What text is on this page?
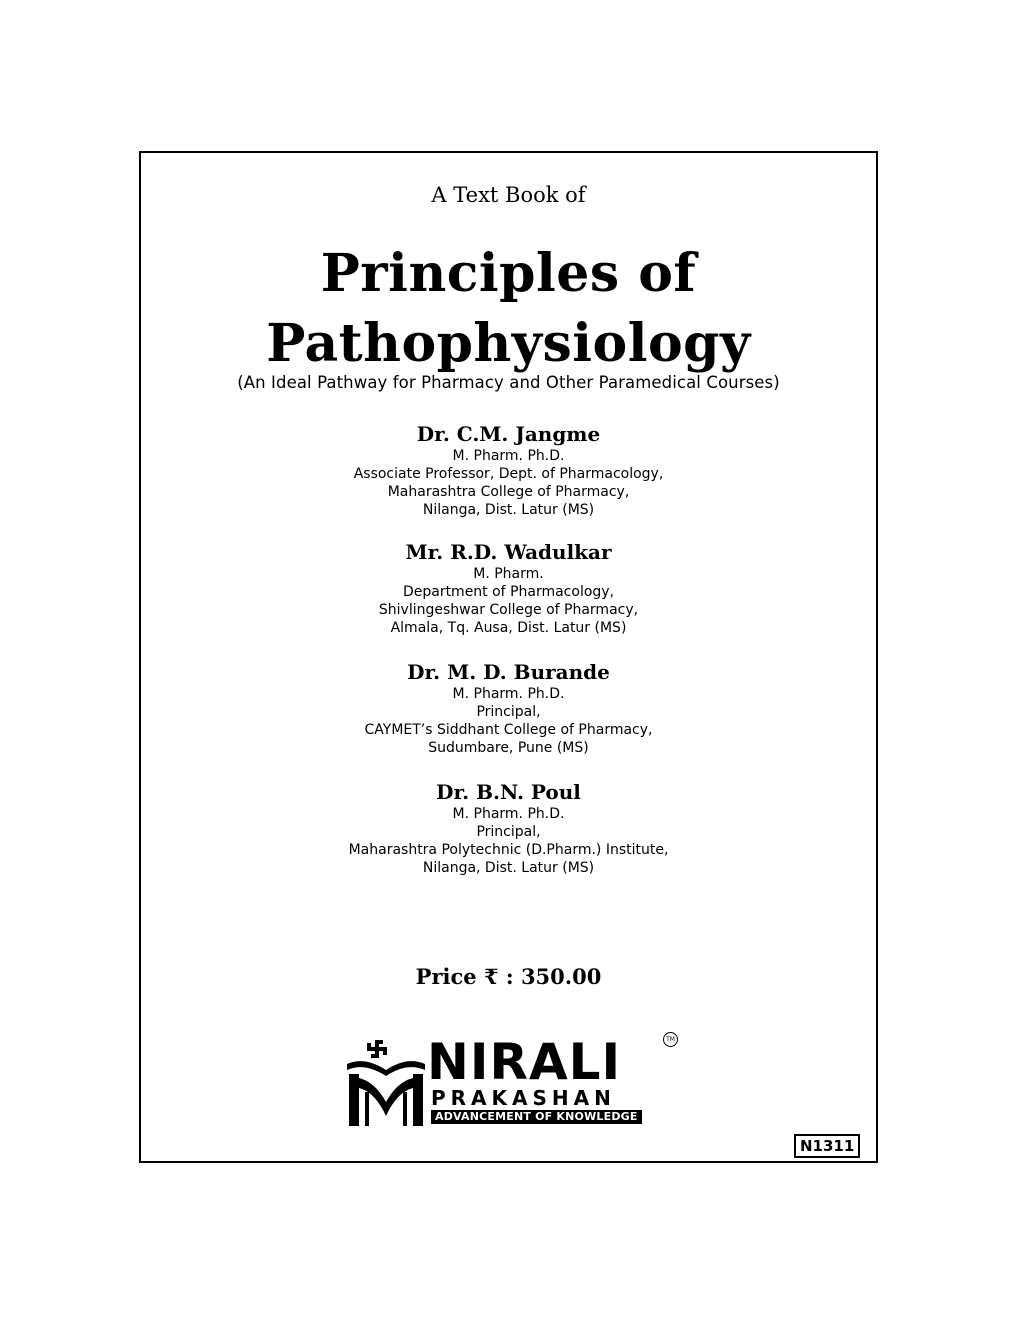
A Text Book of
Principles of
Pathophysiology
(An Ideal Pathway for Pharmacy and Other Paramedical Courses)
Dr. C.M. Jangme
M. Pharm. Ph.D.
Associate Professor, Dept. of Pharmacology,
Maharashtra College of Pharmacy,
Nilanga, Dist. Latur (MS)
Mr. R.D. Wadulkar
M. Pharm.
Department of Pharmacology,
Shivlingeshwar College of Pharmacy,
Almala, Tq. Ausa, Dist. Latur (MS)
Dr. M. D. Burande
M. Pharm. Ph.D.
Principal,
CAYMET’s Siddhant College of Pharmacy,
Sudumbare, Pune (MS)
Dr. B.N. Poul
M. Pharm. Ph.D.
Principal,
Maharashtra Polytechnic (D.Pharm.) Institute,
Nilanga, Dist. Latur (MS)
Price ₹ : 350.00
NIRALI	TM
PRAKASHAN
ADVANCEMENT OF KNOWLEDGE
N1311
